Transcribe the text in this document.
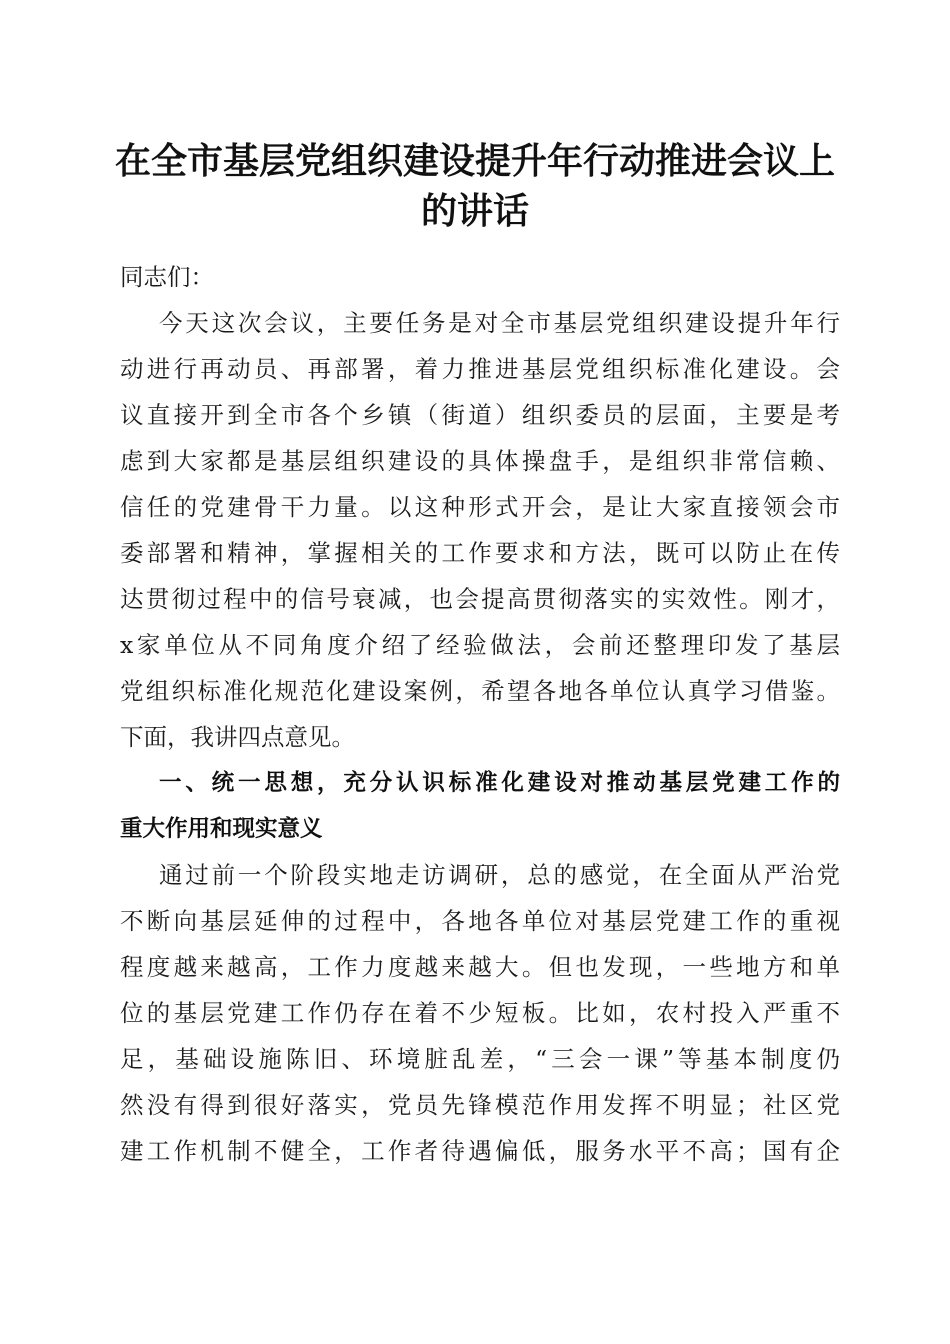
在全市基层党组织建设提升年行动推进会议上
的讲话
同志们：
今天这次会议，主要任务是对全市基层党组织建设提升年行
动进行再动员、再部署，着力推进基层党组织标准化建设。会
议直接开到全市各个乡镇（街道）组织委员的层面，主要是考
虑到大家都是基层组织建设的具体操盘手，是组织非常信赖、
信任的党建骨干力量。以这种形式开会，是让大家直接领会市
委部署和精神，掌握相关的工作要求和方法，既可以防止在传
达贯彻过程中的信号衰减，也会提高贯彻落实的实效性。刚才，
x家单位从不同角度介绍了经验做法，会前还整理印发了基层
党组织标准化规范化建设案例，希望各地各单位认真学习借鉴。
下面，我讲四点意见。
一、统一思想，充分认识标准化建设对推动基层党建工作的
重大作用和现实意义
通过前一个阶段实地走访调研，总的感觉，在全面从严治党
不断向基层延伸的过程中，各地各单位对基层党建工作的重视
程度越来越高，工作力度越来越大。但也发现，一些地方和单
位的基层党建工作仍存在着不少短板。比如，农村投入严重不
足，基础设施陈旧、环境脏乱差，“三会一课”等基本制度仍
然没有得到很好落实，党员先锋模范作用发挥不明显；社区党
建工作机制不健全，工作者待遇偏低，服务水平不高；国有企
